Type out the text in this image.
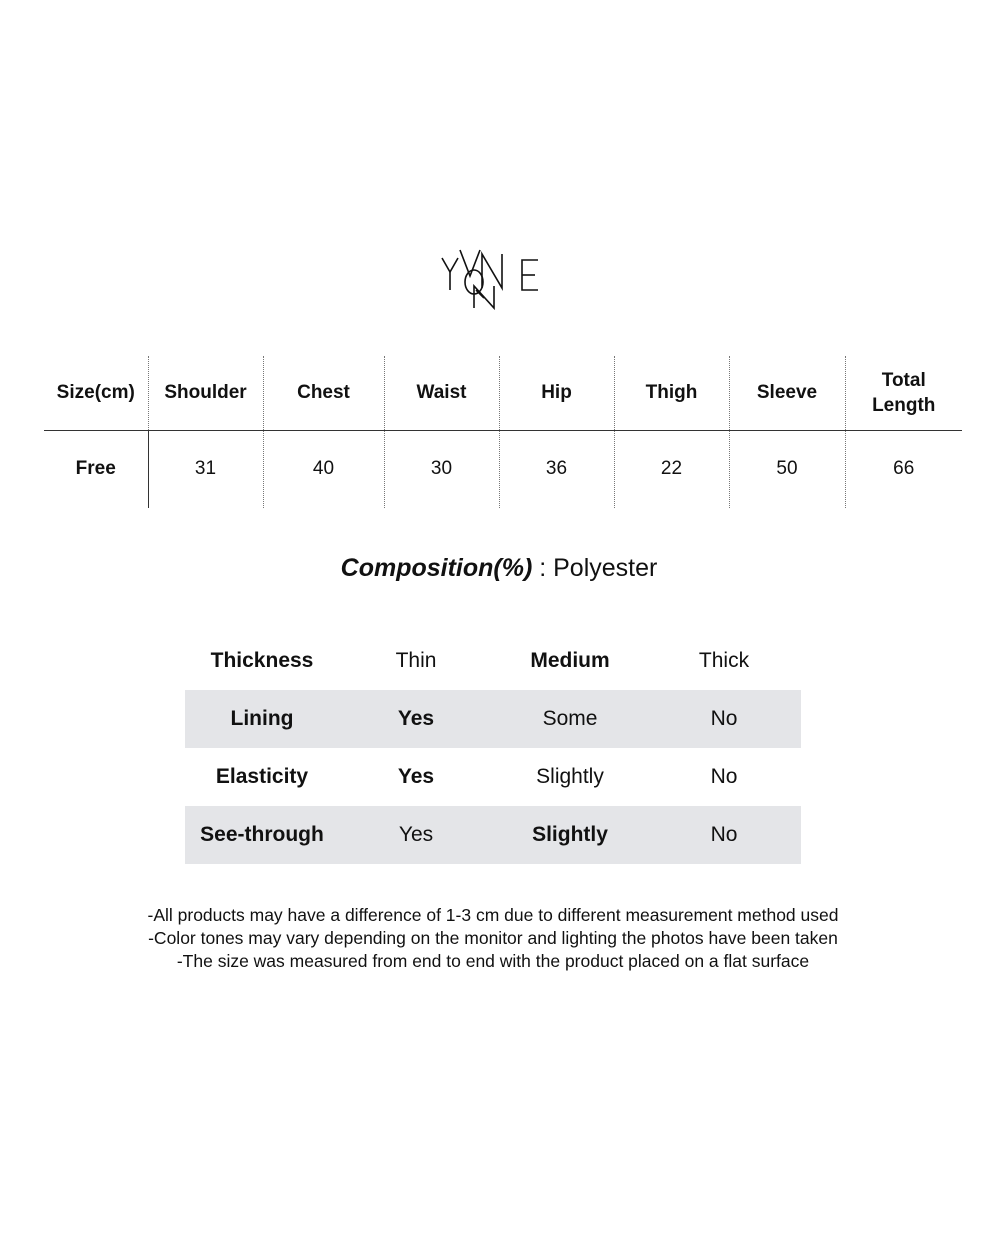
Size(cm)	Shoulder	Chest	Waist	Hip	Thigh	Sleeve	Total
Length
Free	31	40	30	36	22	50	66
Composition(%) : Polyester
Thickness	Thin	Medium	Thick
Lining	Yes	Some	No
Elasticity	Yes	Slightly	No
See-through	Yes	Slightly	No
-All products may have a difference of 1-3 cm due to different measurement method used
-Color tones may vary depending on the monitor and lighting the photos have been taken
-The size was measured from end to end with the product placed on a flat surface
